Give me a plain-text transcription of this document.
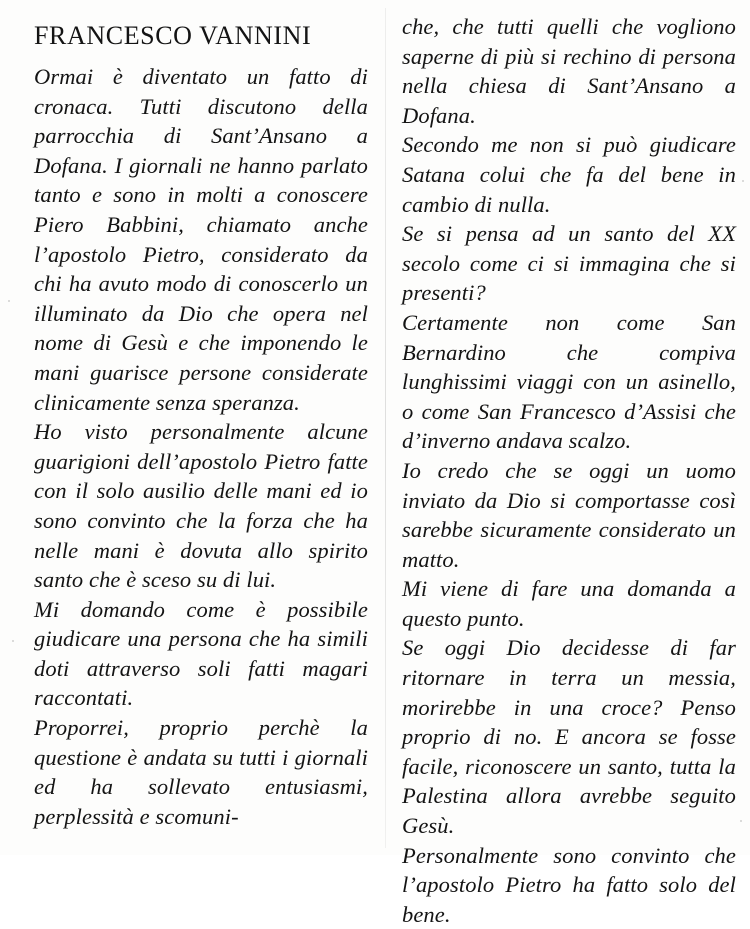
FRANCESCO VANNINI

Ormai è diventato un fatto di cronaca. Tutti discutono della parrocchia di Sant’Ansano a Dofana. I giornali ne hanno parlato tanto e sono in molti a conoscere Piero Babbini, chiamato anche l’apostolo Pietro, considerato da chi ha avuto modo di conoscerlo un illuminato da Dio che opera nel nome di Gesù e che imponendo le mani guarisce persone considerate clinicamente senza speranza.

Ho visto personalmente alcune guarigioni dell’apostolo Pietro fatte con il solo ausilio delle mani ed io sono convinto che la forza che ha nelle mani è dovuta allo spirito santo che è sceso su di lui.

Mi domando come è possibile giudicare una persona che ha simili doti attraverso soli fatti magari raccontati.

Proporrei, proprio perchè la questione è andata su tutti i giornali ed ha sollevato entusiasmi, perplessità e scomuni-

che, che tutti quelli che vogliono saperne di più si rechino di persona nella chiesa di Sant’Ansano a Dofana.

Secondo me non si può giudicare Satana colui che fa del bene in cambio di nulla.

Se si pensa ad un santo del XX secolo come ci si immagina che si presenti?

Certamente non come San Bernardino che compiva lunghissimi viaggi con un asinello, o come San Francesco d’Assisi che d’inverno andava scalzo.

Io credo che se oggi un uomo inviato da Dio si comportasse così sarebbe sicuramente considerato un matto.

Mi viene di fare una domanda a questo punto.

Se oggi Dio decidesse di far ritornare in terra un messia, morirebbe in una croce? Penso proprio di no. E ancora se fosse facile, riconoscere un santo, tutta la Palestina allora avrebbe seguito Gesù.

Personalmente sono convinto che l’apostolo Pietro ha fatto solo del bene.
